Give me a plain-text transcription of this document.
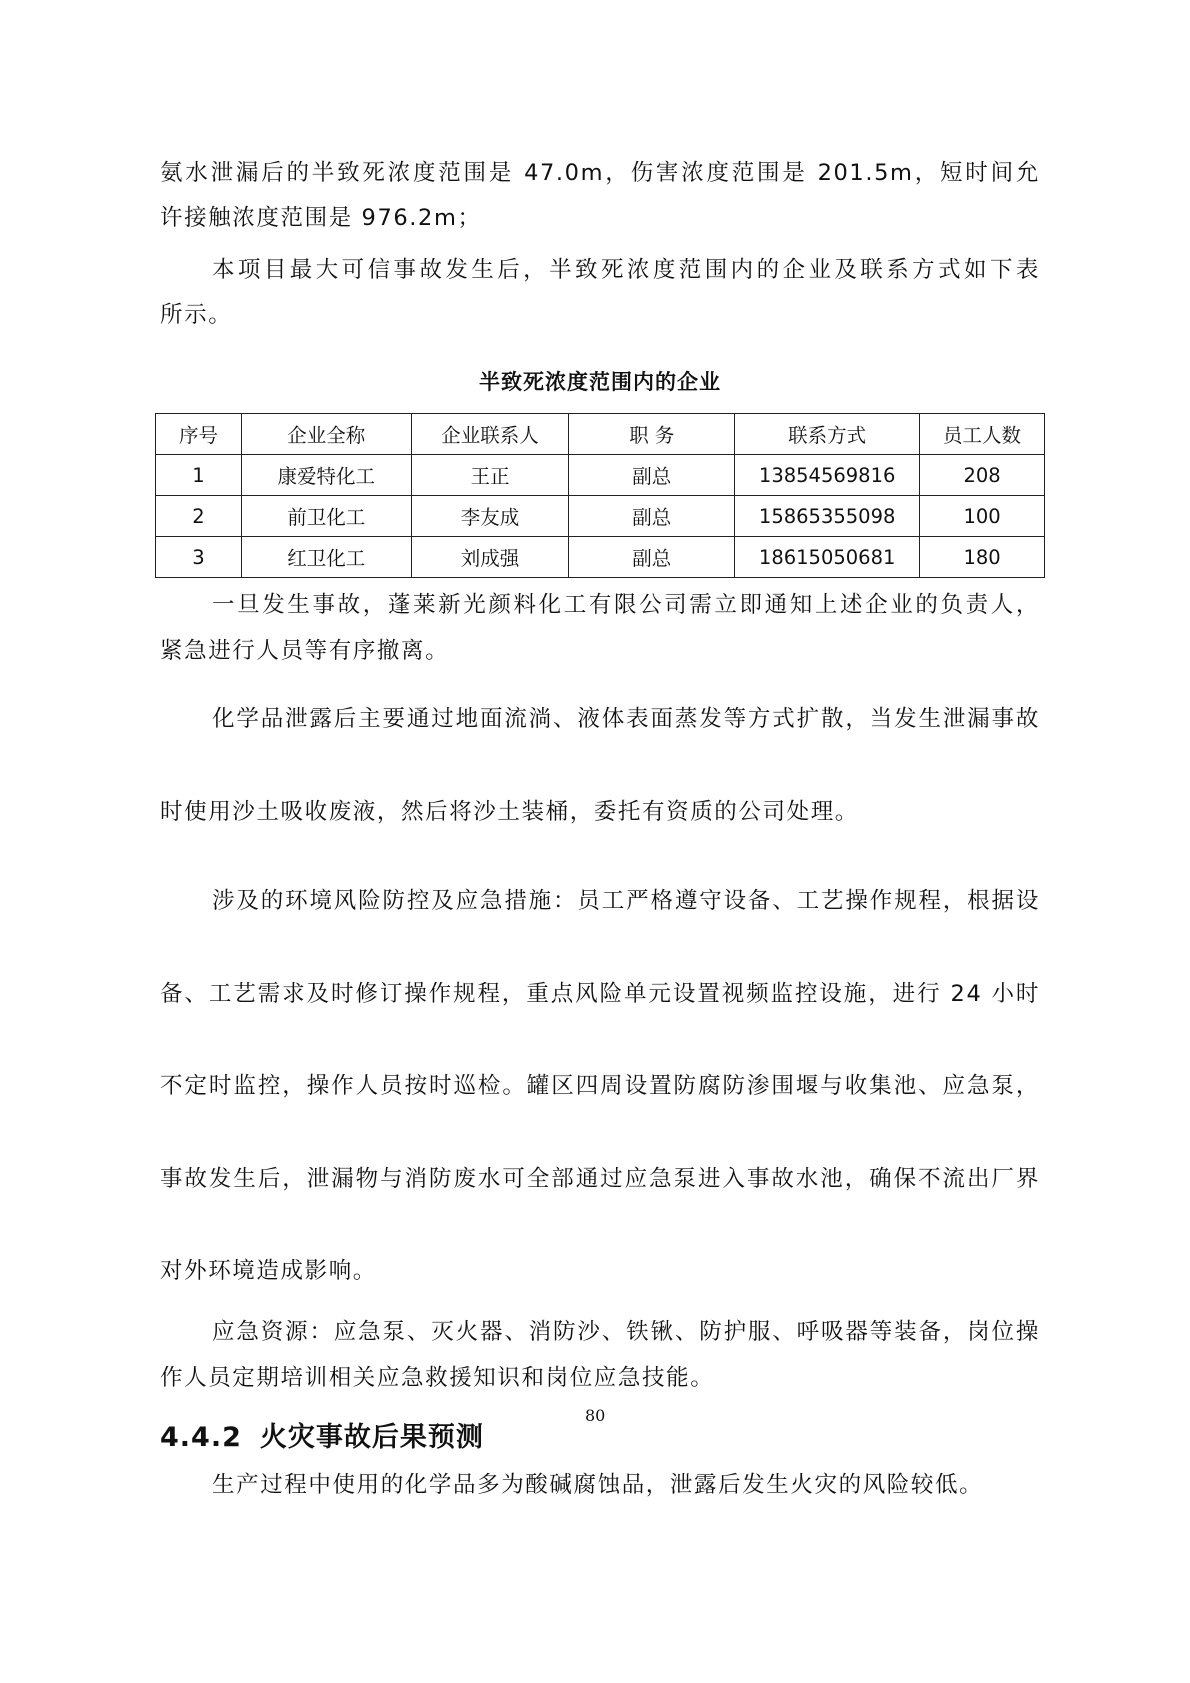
氨水泄漏后的半致死浓度范围是 47.0m，伤害浓度范围是 201.5m，短时间允

许接触浓度范围是 976.2m；

本项目最大可信事故发生后，半致死浓度范围内的企业及联系方式如下表

所示。

半致死浓度范围内的企业
序号	企业全称	企业联系人	职 务	联系方式	员工人数
1	康爱特化工	王正	副总	13854569816	208
2	前卫化工	李友成	副总	15865355098	100
3	红卫化工	刘成强	副总	18615050681	180

一旦发生事故，蓬莱新光颜料化工有限公司需立即通知上述企业的负责人，

紧急进行人员等有序撤离。

化学品泄露后主要通过地面流淌、液体表面蒸发等方式扩散，当发生泄漏事故

时使用沙土吸收废液，然后将沙土装桶，委托有资质的公司处理。

涉及的环境风险防控及应急措施：员工严格遵守设备、工艺操作规程，根据设

备、工艺需求及时修订操作规程，重点风险单元设置视频监控设施，进行 24 小时

不定时监控，操作人员按时巡检。罐区四周设置防腐防渗围堰与收集池、应急泵，

事故发生后，泄漏物与消防废水可全部通过应急泵进入事故水池，确保不流出厂界

对外环境造成影响。

应急资源：应急泵、灭火器、消防沙、铁锹、防护服、呼吸器等装备，岗位操

作人员定期培训相关应急救援知识和岗位应急技能。

80
4.4.2 火灾事故后果预测

生产过程中使用的化学品多为酸碱腐蚀品，泄露后发生火灾的风险较低。
